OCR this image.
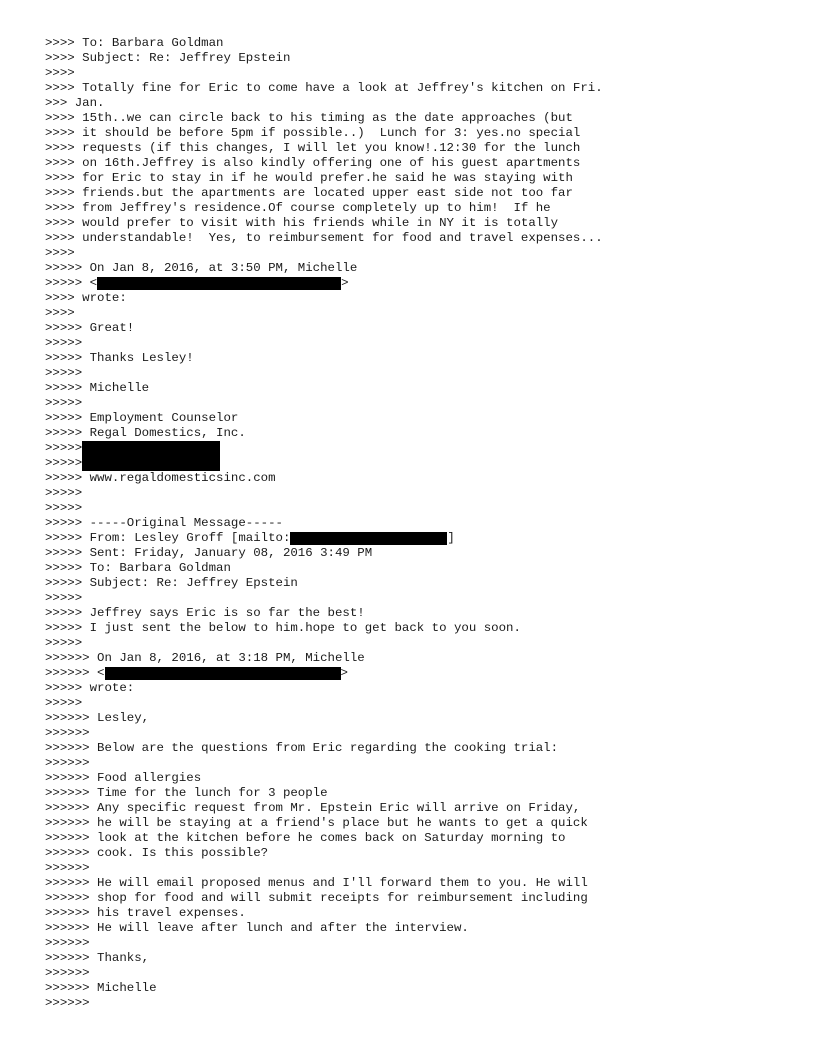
>>>> To: Barbara Goldman
>>>> Subject: Re: Jeffrey Epstein
>>>>
>>>> Totally fine for Eric to come have a look at Jeffrey's kitchen on Fri.
>>> Jan.
>>>> 15th..we can circle back to his timing as the date approaches (but
>>>> it should be before 5pm if possible..)  Lunch for 3: yes.no special
>>>> requests (if this changes, I will let you know!.12:30 for the lunch
>>>> on 16th.Jeffrey is also kindly offering one of his guest apartments
>>>> for Eric to stay in if he would prefer.he said he was staying with
>>>> friends.but the apartments are located upper east side not too far
>>>> from Jeffrey's residence.Of course completely up to him!  If he
>>>> would prefer to visit with his friends while in NY it is totally
>>>> understandable!  Yes, to reimbursement for food and travel expenses...
>>>>
>>>>> On Jan 8, 2016, at 3:50 PM, Michelle
>>>>> <	>
>>>> wrote:
>>>>
>>>>> Great!
>>>>>
>>>>> Thanks Lesley!
>>>>>
>>>>> Michelle
>>>>>
>>>>> Employment Counselor
>>>>> Regal Domestics, Inc.
>>>>>
>>>>>
>>>>> www.regaldomesticsinc.com
>>>>>
>>>>>
>>>>> -----Original Message-----
>>>>> From: Lesley Groff [mailto:	]
>>>>> Sent: Friday, January 08, 2016 3:49 PM
>>>>> To: Barbara Goldman
>>>>> Subject: Re: Jeffrey Epstein
>>>>>
>>>>> Jeffrey says Eric is so far the best!
>>>>> I just sent the below to him.hope to get back to you soon.
>>>>>
>>>>>> On Jan 8, 2016, at 3:18 PM, Michelle
>>>>>> <	>
>>>>> wrote:
>>>>>
>>>>>> Lesley,
>>>>>>
>>>>>> Below are the questions from Eric regarding the cooking trial:
>>>>>>
>>>>>> Food allergies
>>>>>> Time for the lunch for 3 people
>>>>>> Any specific request from Mr. Epstein Eric will arrive on Friday,
>>>>>> he will be staying at a friend's place but he wants to get a quick
>>>>>> look at the kitchen before he comes back on Saturday morning to
>>>>>> cook. Is this possible?
>>>>>>
>>>>>> He will email proposed menus and I'll forward them to you. He will
>>>>>> shop for food and will submit receipts for reimbursement including
>>>>>> his travel expenses.
>>>>>> He will leave after lunch and after the interview.
>>>>>>
>>>>>> Thanks,
>>>>>>
>>>>>> Michelle
>>>>>>
